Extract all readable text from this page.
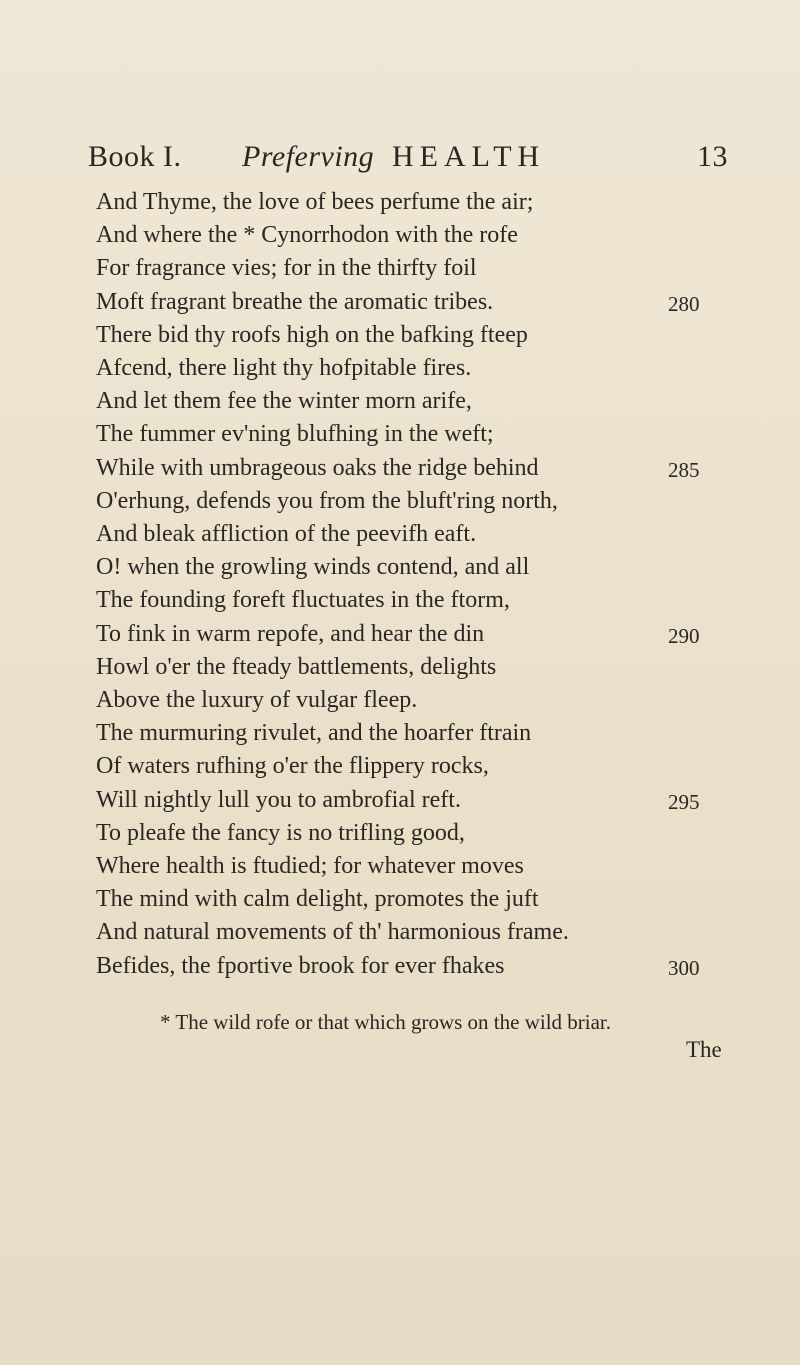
Book I. Preferving HEALTH	13
* The wild rofe or that which grows on the wild briar.
The
And Thyme, the love of bees perfume the air;
And where the * Cynorrhodon with the rofe
For fragrance vies; for in the thirfty foil
Moft fragrant breathe the aromatic tribes.
There bid thy roofs high on the bafking fteep
Afcend, there light thy hofpitable fires.
And let them fee the winter morn arife,
The fummer ev'ning blufhing in the weft;
While with umbrageous oaks the ridge behind
O'erhung, defends you from the bluft'ring north,
And bleak affliction of the peevifh eaft.
O! when the growling winds contend, and all
The founding foreft fluctuates in the ftorm,
To fink in warm repofe, and hear the din
Howl o'er the fteady battlements, delights
Above the luxury of vulgar fleep.
The murmuring rivulet, and the hoarfer ftrain
Of waters rufhing o'er the flippery rocks,
Will nightly lull you to ambrofial reft.
To pleafe the fancy is no trifling good,
Where health is ftudied; for whatever moves
The mind with calm delight, promotes the juft
And natural movements of th' harmonious frame.
Befides, the fportive brook for ever fhakes
280
285
290
295
300
